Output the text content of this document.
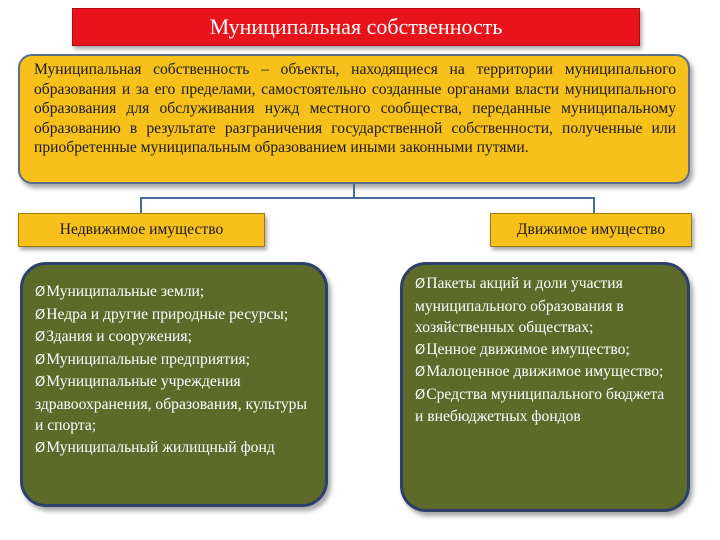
Муниципальная собственность
Муниципальная собственность – объекты, находящиеся на территории муниципального образования и за его пределами, самостоятельно созданные органами власти муниципального образования для обслуживания нужд местного сообщества, переданные муниципальному образованию в результате разграничения государственной собственности, полученные или приобретенные муниципальным образованием иными законными путями.
Недвижимое имущество	Движимое имущество
ØМуниципальные земли;
ØНедра и другие природные ресурсы;
ØЗдания и сооружения;
ØМуниципальные предприятия;
ØМуниципальные учреждения здравоохранения, образования, культуры и спорта;
ØМуниципальный жилищный фонд
ØПакеты акций и доли участия муниципального образования в хозяйственных обществах;
ØЦенное движимое имущество;
ØМалоценное движимое имущество;
ØСредства муниципального бюджета и внебюджетных фондов
